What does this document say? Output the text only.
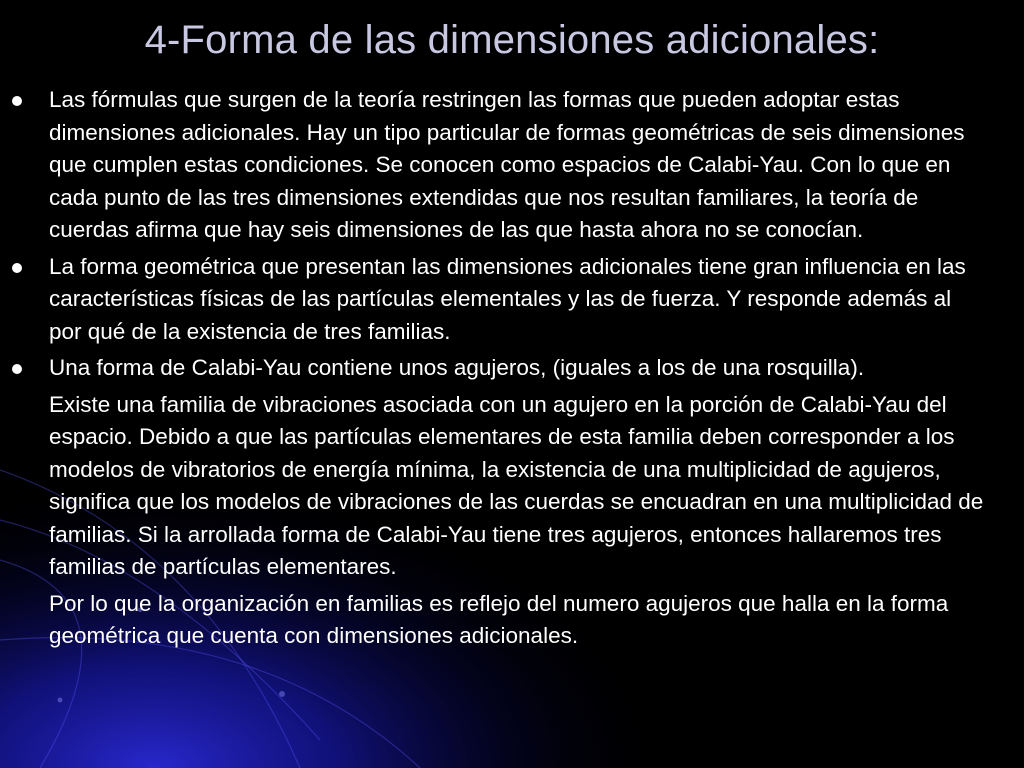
4-Forma de las dimensiones adicionales:
Las fórmulas que surgen de la teoría restringen las formas que pueden adoptar estas dimensiones adicionales. Hay un tipo particular de formas geométricas de seis dimensiones que cumplen estas condiciones. Se conocen como espacios de Calabi-Yau. Con lo que en cada punto de las tres dimensiones extendidas que nos resultan familiares, la teoría de cuerdas afirma que hay seis dimensiones de las que hasta ahora no se conocían.
La forma geométrica que presentan las dimensiones adicionales tiene gran influencia en las características físicas de las partículas elementales y las de fuerza. Y responde además al por qué de la existencia de tres familias.
Una forma de Calabi-Yau contiene unos agujeros, (iguales a los de una rosquilla).
Existe una familia de vibraciones asociada con un agujero en la porción de Calabi-Yau del espacio. Debido a que las partículas elementares de esta familia deben corresponder a los modelos de vibratorios de energía mínima, la existencia de una multiplicidad de agujeros, significa que los modelos de vibraciones de las cuerdas se encuadran en una multiplicidad de familias. Si la arrollada forma de Calabi-Yau tiene tres agujeros, entonces hallaremos tres familias de partículas elementares.
Por lo que la organización en familias es reflejo del numero agujeros que halla en la forma geométrica que cuenta con dimensiones adicionales.
